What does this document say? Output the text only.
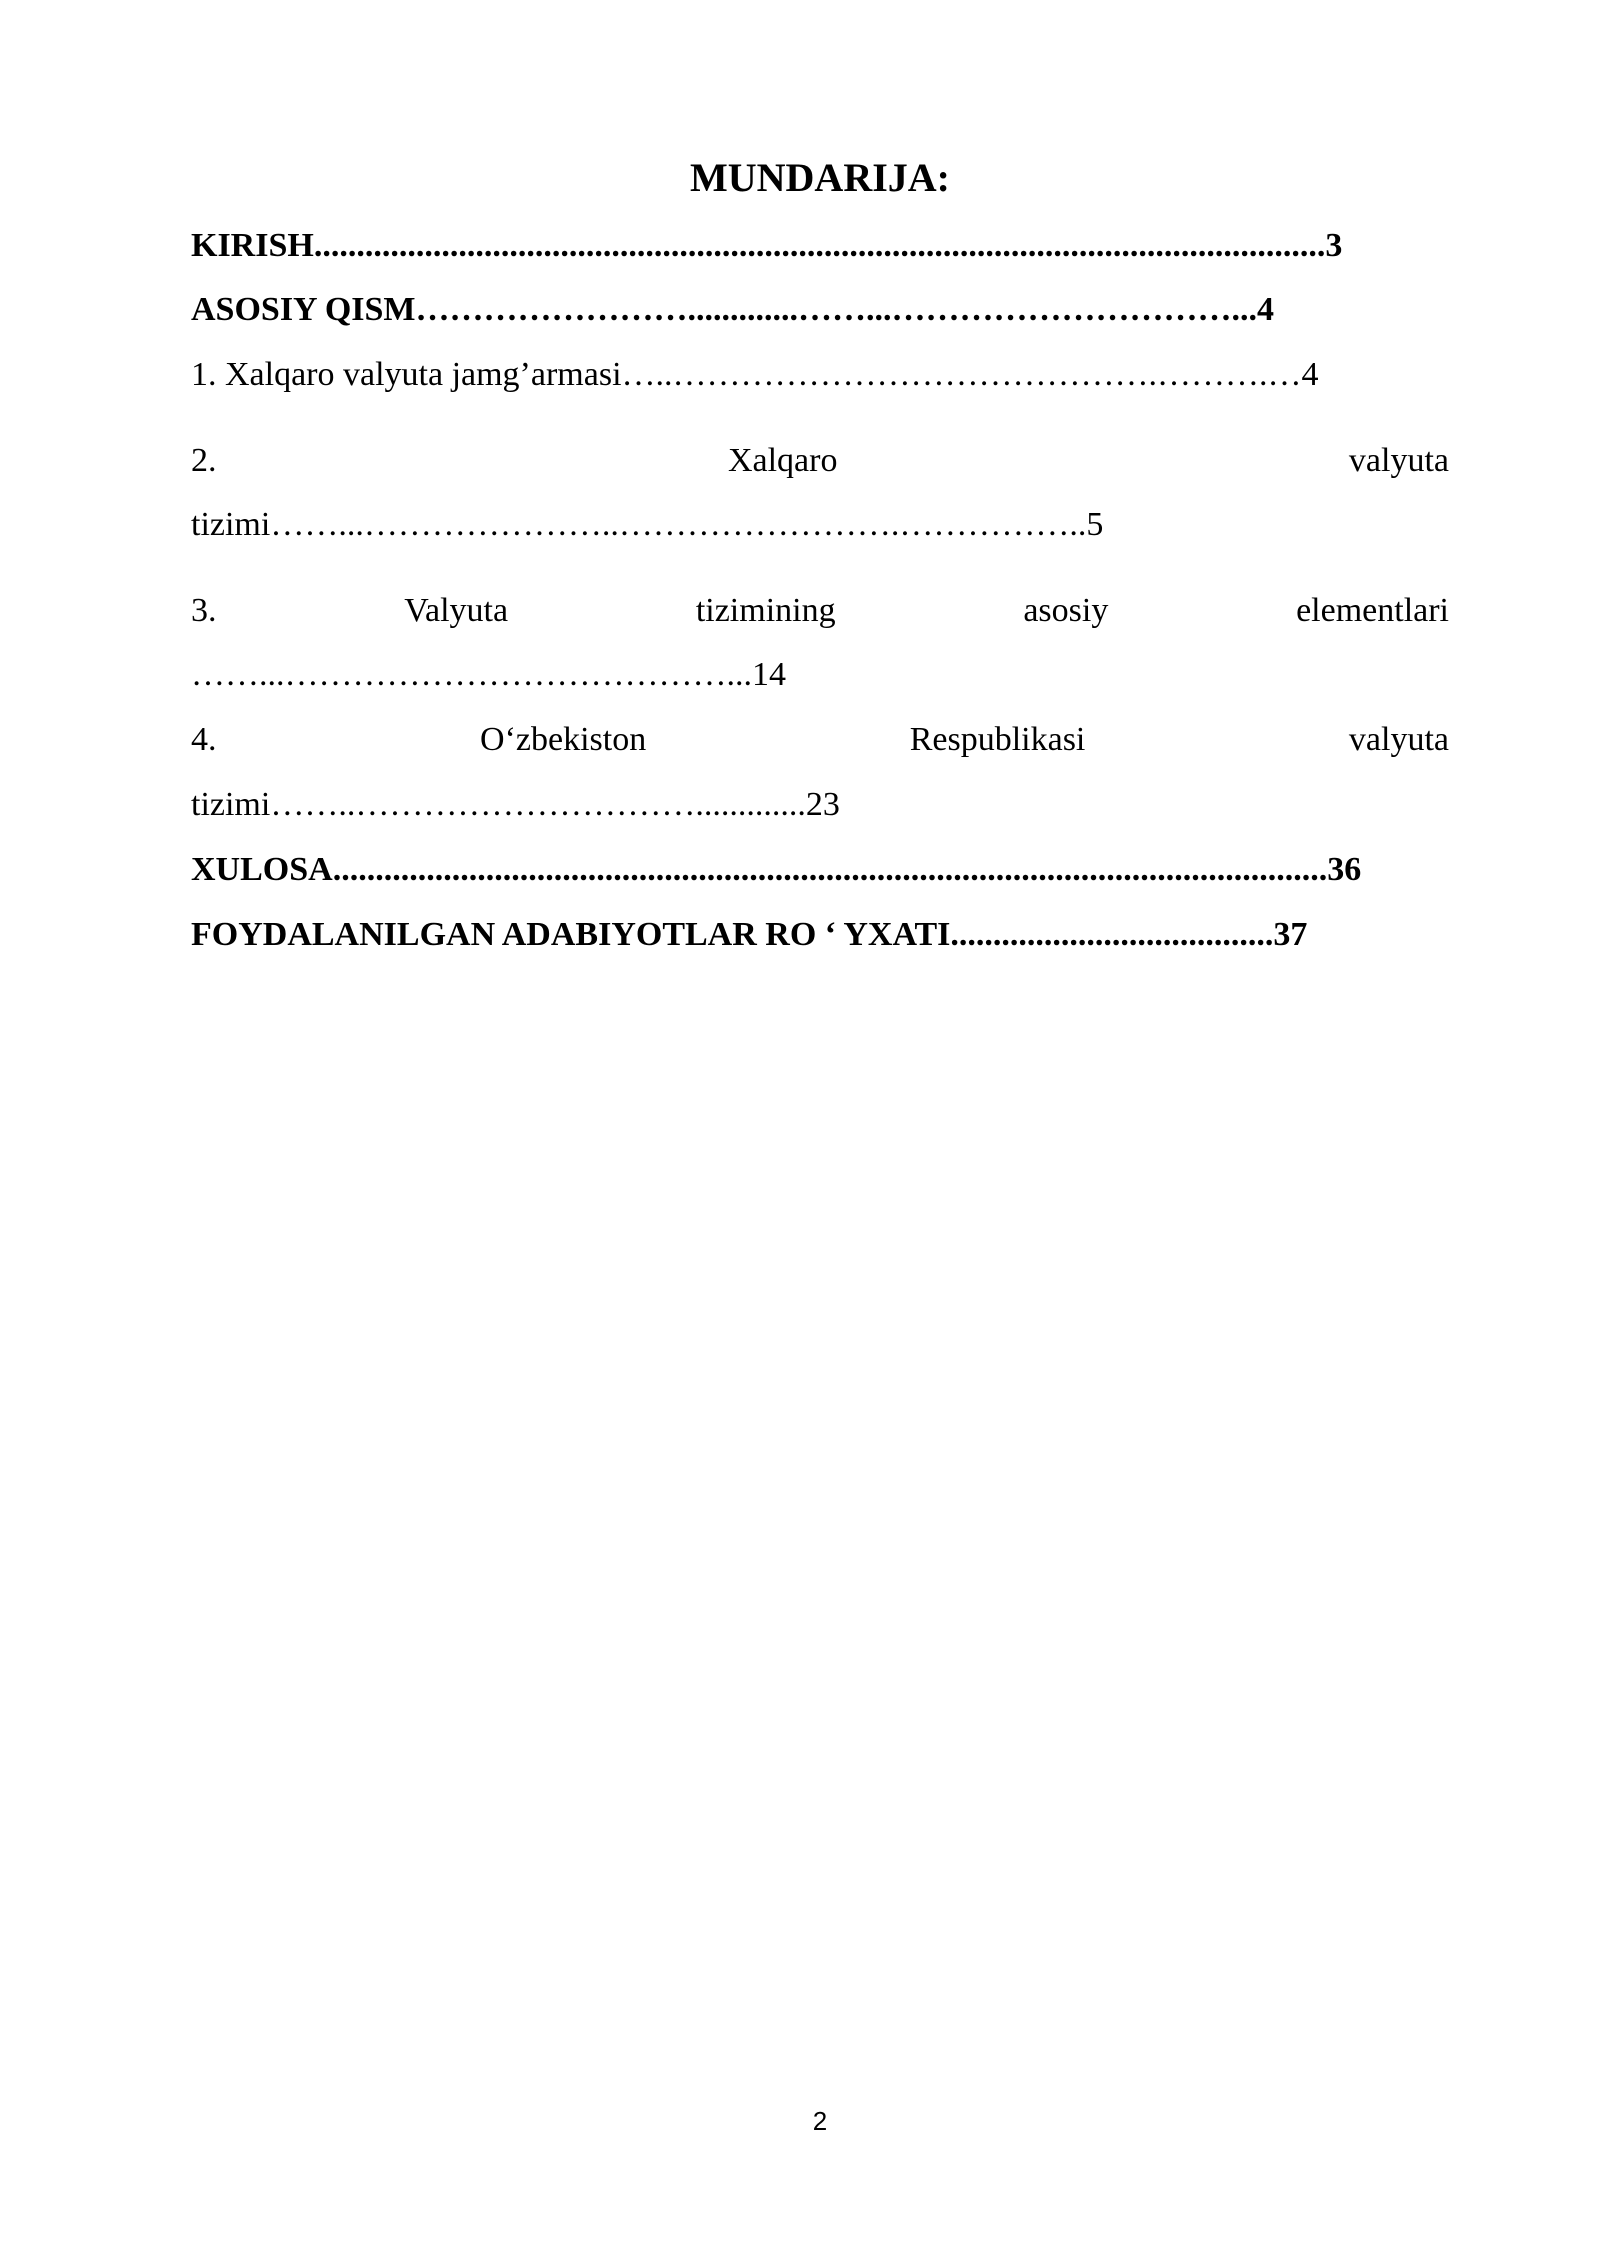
MUNDARIJA:
KIRISH.......................................................................................................................3
ASOSIY QISM…………………….............……...…………………………...4
1. Xalqaro valyuta jamg’armasi…..…………………………………….……….…4
2.	Xalqaro	valyuta
tizimi……...…………………..…………………….……………..5
3.	Valyuta	tizimining	asosiy	elementlari
……...…………………………………...14
4.	O‘zbekiston	Respublikasi	valyuta
tizimi……..………………………….............23
XULOSA.....................................................................................................................36
FOYDALANILGAN ADABIYOTLAR RO ‘ YXATI......................................37
2
